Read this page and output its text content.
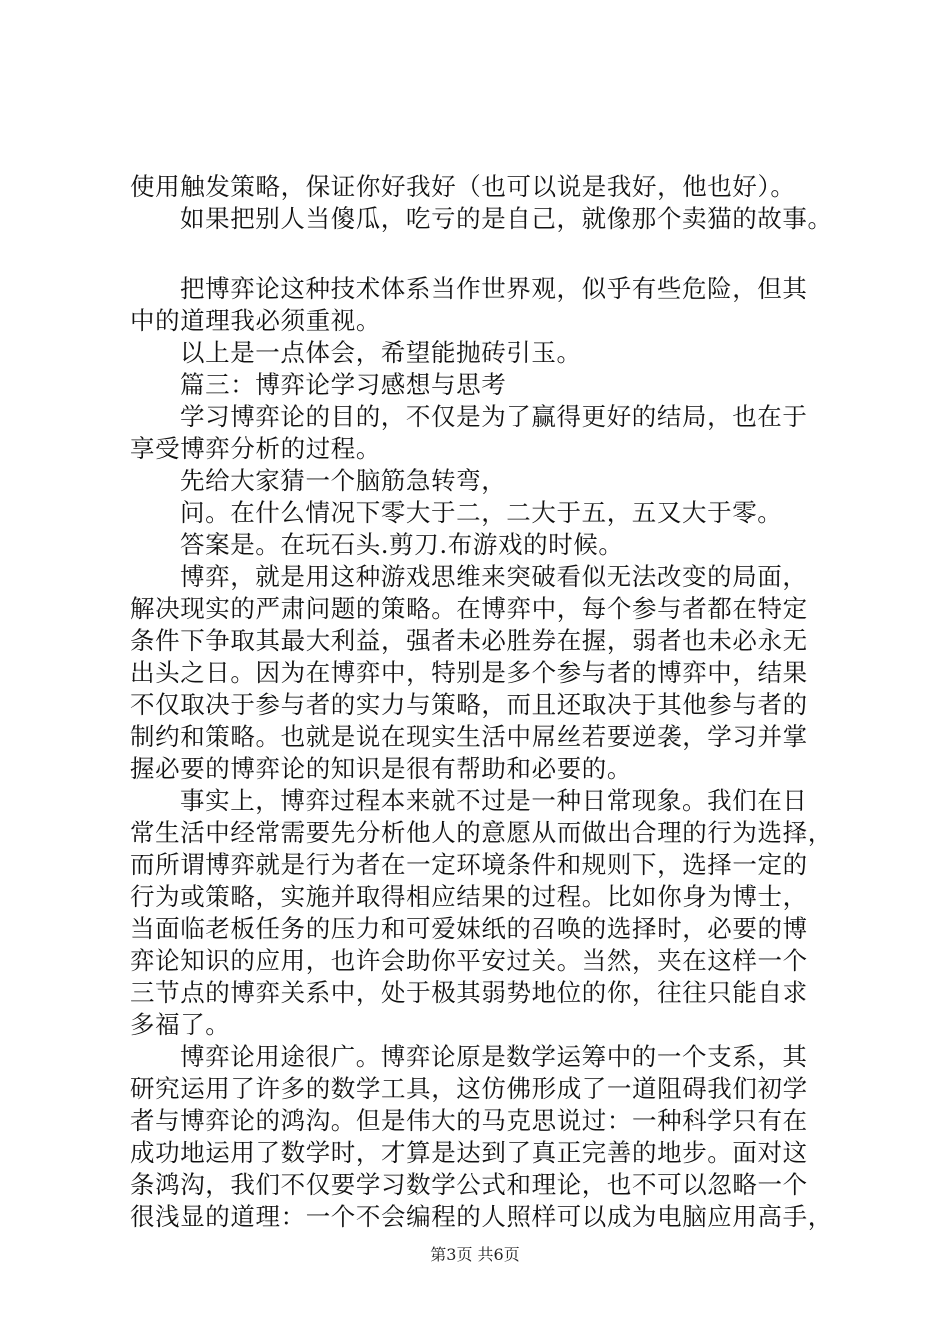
使用触发策略，保证你好我好（也可以说是我好，他也好）。
如果把别人当傻瓜，吃亏的是自己，就像那个卖猫的故事。
把博弈论这种技术体系当作世界观，似乎有些危险，但其
中的道理我必须重视。
以上是一点体会，希望能抛砖引玉。
篇三：博弈论学习感想与思考
学习博弈论的目的，不仅是为了赢得更好的结局，也在于
享受博弈分析的过程。
先给大家猜一个脑筋急转弯，
问。在什么情况下零大于二，二大于五，五又大于零。
答案是。在玩石头.剪刀.布游戏的时候。
博弈，就是用这种游戏思维来突破看似无法改变的局面，
解决现实的严肃问题的策略。在博弈中，每个参与者都在特定
条件下争取其最大利益，强者未必胜券在握，弱者也未必永无
出头之日。因为在博弈中，特别是多个参与者的博弈中，结果
不仅取决于参与者的实力与策略，而且还取决于其他参与者的
制约和策略。也就是说在现实生活中屌丝若要逆袭，学习并掌
握必要的博弈论的知识是很有帮助和必要的。
事实上，博弈过程本来就不过是一种日常现象。我们在日
常生活中经常需要先分析他人的意愿从而做出合理的行为选择，
而所谓博弈就是行为者在一定环境条件和规则下，选择一定的
行为或策略，实施并取得相应结果的过程。比如你身为博士，
当面临老板任务的压力和可爱妹纸的召唤的选择时，必要的博
弈论知识的应用，也许会助你平安过关。当然，夹在这样一个
三节点的博弈关系中，处于极其弱势地位的你，往往只能自求
多福了。
博弈论用途很广。博弈论原是数学运筹中的一个支系，其
研究运用了许多的数学工具，这仿佛形成了一道阻碍我们初学
者与博弈论的鸿沟。但是伟大的马克思说过：一种科学只有在
成功地运用了数学时，才算是达到了真正完善的地步。面对这
条鸿沟，我们不仅要学习数学公式和理论，也不可以忽略一个
很浅显的道理：一个不会编程的人照样可以成为电脑应用高手，
第3页 共6页
